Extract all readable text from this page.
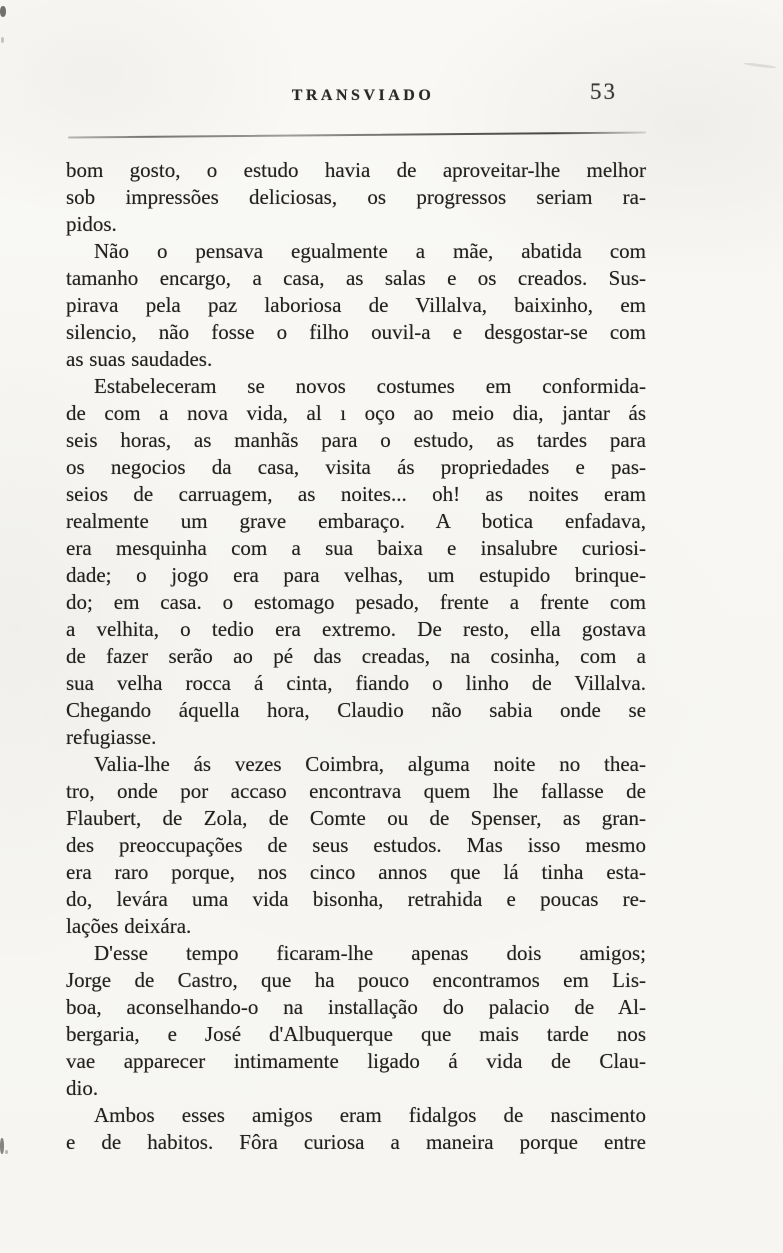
TRANSVIADO	53
bom gosto, o estudo havia de aproveitar-lhe melhor
sob impressões deliciosas, os progressos seriam ra-
pidos.
Não o pensava egualmente a mãe, abatida com
tamanho encargo, a casa, as salas e os creados. Sus-
pirava pela paz laboriosa de Villalva, baixinho, em
silencio, não fosse o filho ouvil-a e desgostar-se com
as suas saudades.
Estabeleceram se novos costumes em conformida-
de com a nova vida, al ı oço ao meio dia, jantar ás
seis horas, as manhãs para o estudo, as tardes para
os negocios da casa, visita ás propriedades e pas-
seios de carruagem, as noites... oh! as noites eram
realmente um grave embaraço. A botica enfadava,
era mesquinha com a sua baixa e insalubre curiosi-
dade; o jogo era para velhas, um estupido brinque-
do; em casa. o estomago pesado, frente a frente com
a velhita, o tedio era extremo. De resto, ella gostava
de fazer serão ao pé das creadas, na cosinha, com a
sua velha rocca á cinta, fiando o linho de Villalva.
Chegando áquella hora, Claudio não sabia onde se
refugiasse.
Valia-lhe ás vezes Coimbra, alguma noite no thea-
tro, onde por accaso encontrava quem lhe fallasse de
Flaubert, de Zola, de Comte ou de Spenser, as gran-
des preoccupações de seus estudos. Mas isso mesmo
era raro porque, nos cinco annos que lá tinha esta-
do, levára uma vida bisonha, retrahida e poucas re-
lações deixára.
D'esse tempo ficaram-lhe apenas dois amigos;
Jorge de Castro, que ha pouco encontramos em Lis-
boa, aconselhando-o na installação do palacio de Al-
bergaria, e José d'Albuquerque que mais tarde nos
vae apparecer intimamente ligado á vida de Clau-
dio.
Ambos esses amigos eram fidalgos de nascimento
e de habitos. Fôra curiosa a maneira porque entre
